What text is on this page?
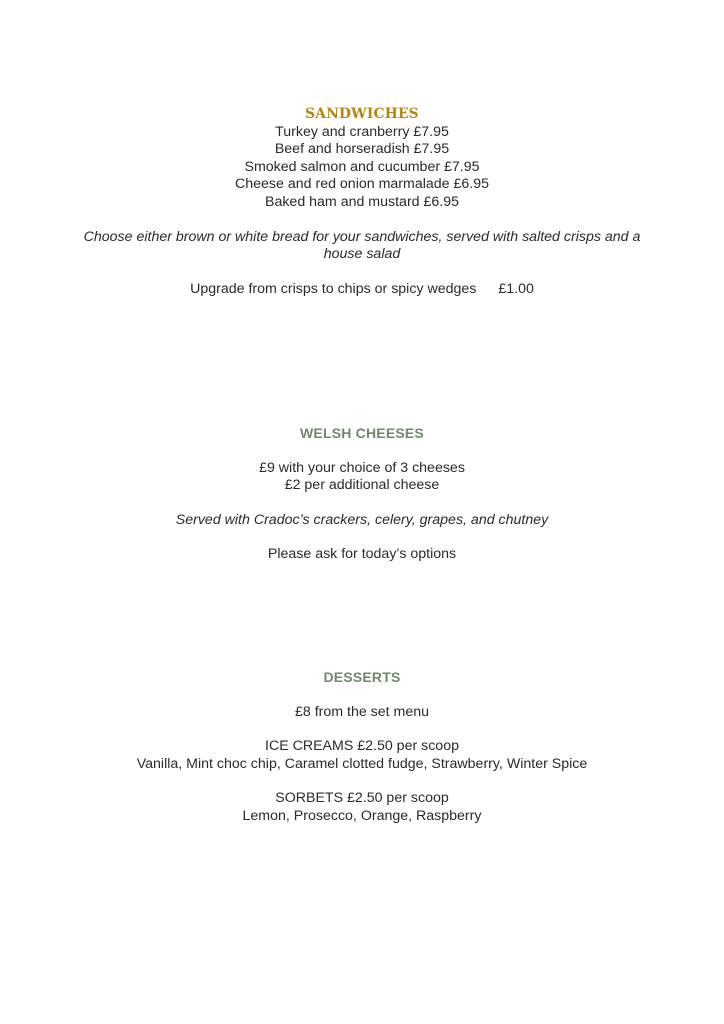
SANDWICHES
Turkey and cranberry £7.95
Beef and horseradish £7.95
Smoked salmon and cucumber £7.95
Cheese and red onion marmalade £6.95
Baked ham and mustard £6.95
Choose either brown or white bread for your sandwiches, served with salted crisps and a house salad
Upgrade from crisps to chips or spicy wedges £1.00
WELSH CHEESES
£9 with your choice of 3 cheeses
£2 per additional cheese
Served with Cradoc’s crackers, celery, grapes, and chutney
Please ask for today’s options
DESSERTS
£8 from the set menu
ICE CREAMS £2.50 per scoop
Vanilla, Mint choc chip, Caramel clotted fudge, Strawberry, Winter Spice
SORBETS £2.50 per scoop
Lemon, Prosecco, Orange, Raspberry
